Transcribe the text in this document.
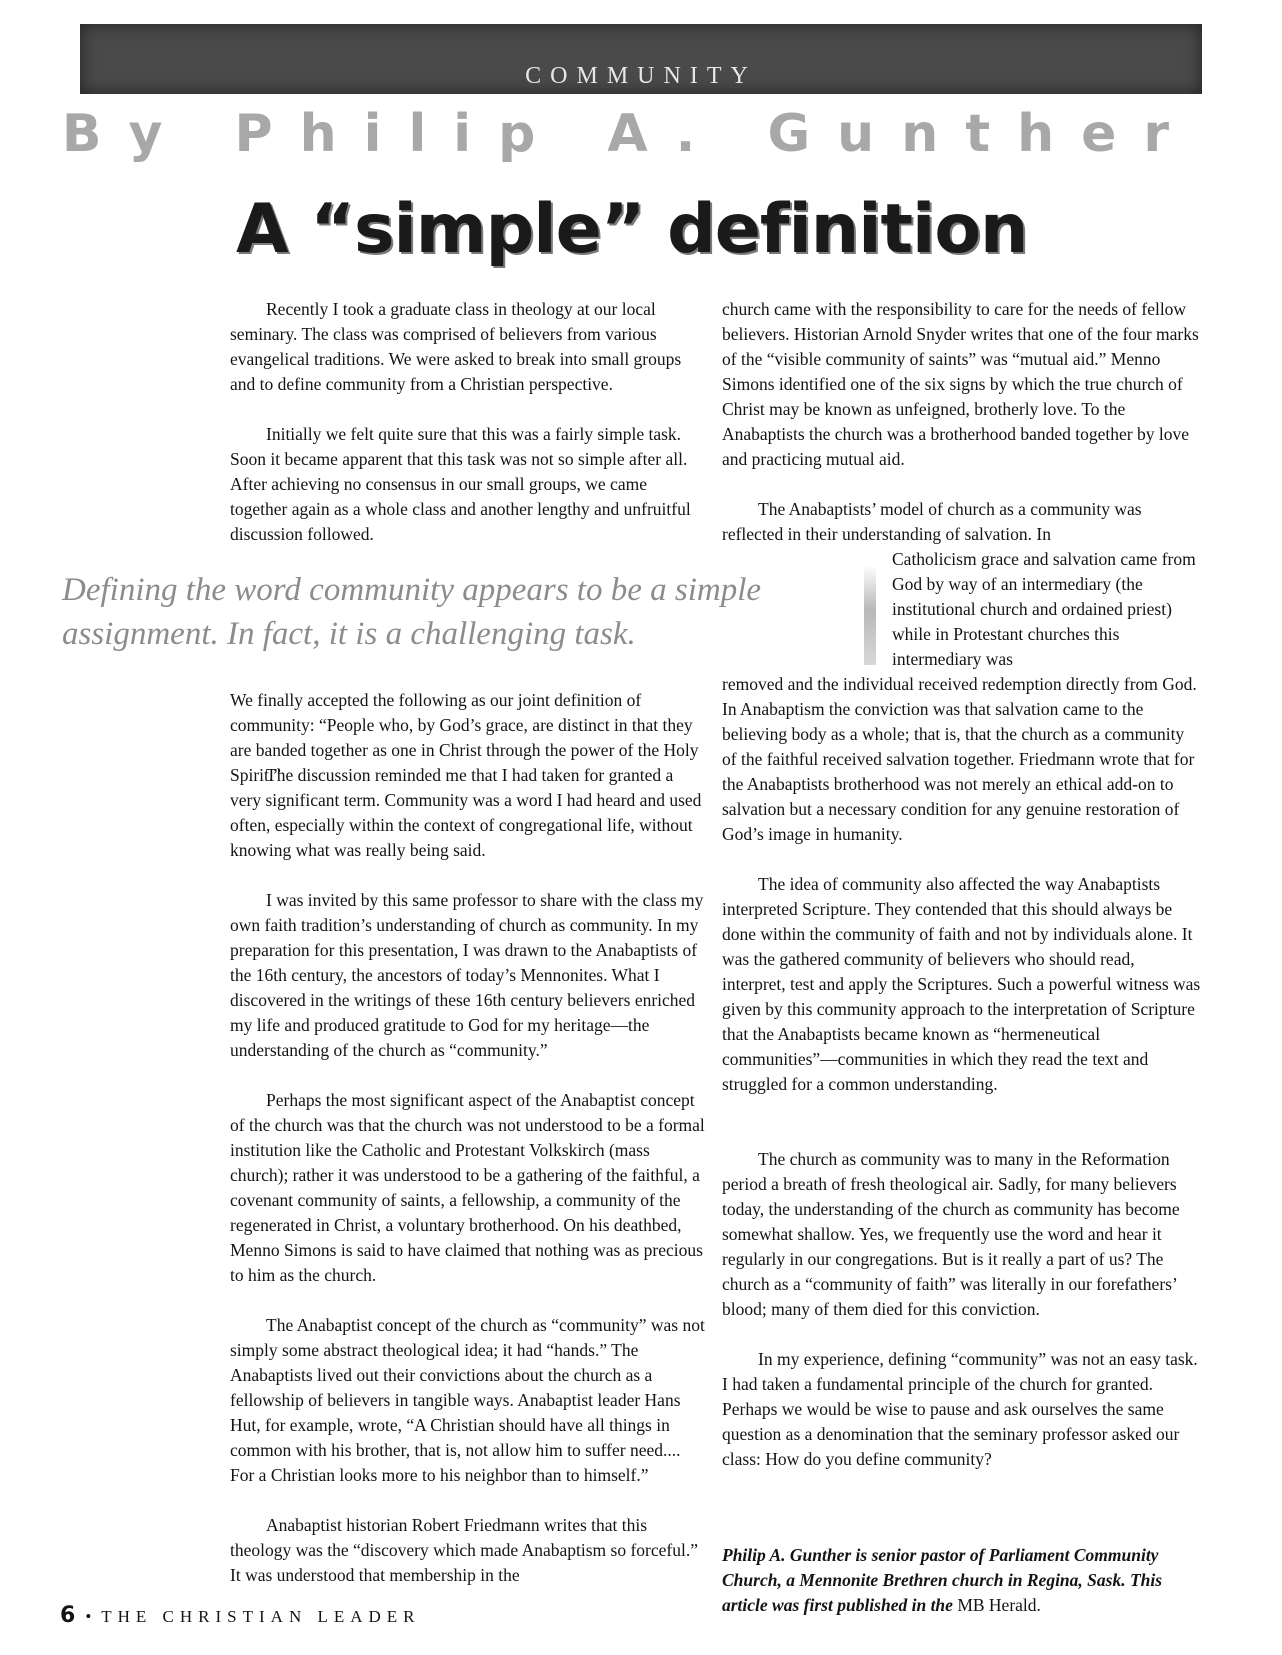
COMMUNITY
By Philip A. Gunther
A “simple” definition

Recently I took a graduate class in theology at our local seminary. The class was comprised of believers from various evangelical traditions. We were asked to break into small groups and to define community from a Christian perspective.

Initially we felt quite sure that this was a fairly simple task. Soon it became apparent that this task was not so simple after all. After achieving no consensus in our small groups, we came together again as a whole class and another lengthy and unfruitful discussion followed.

Defining the word community appears to be a simple assignment. In fact, it is a challenging task.

We finally accepted the following as our joint definition of community: “People who, by God’s grace, are distinct in that they are banded together as one in Christ through the power of the Holy Spirit.”

The discussion reminded me that I had taken for granted a very significant term. Community was a word I had heard and used often, especially within the context of congregational life, without knowing what was really being said.

I was invited by this same professor to share with the class my own faith tradition’s understanding of church as community. In my preparation for this presentation, I was drawn to the Anabaptists of the 16th century, the ancestors of today’s Mennonites. What I discovered in the writings of these 16th century believers enriched my life and produced gratitude to God for my heritage—the understanding of the church as “community.”

Perhaps the most significant aspect of the Anabaptist concept of the church was that the church was not understood to be a formal institution like the Catholic and Protestant Volkskirch (mass church); rather it was understood to be a gathering of the faithful, a covenant community of saints, a fellowship, a community of the regenerated in Christ, a voluntary brotherhood. On his deathbed, Menno Simons is said to have claimed that nothing was as precious to him as the church.

The Anabaptist concept of the church as “community” was not simply some abstract theological idea; it had “hands.” The Anabaptists lived out their convictions about the church as a fellowship of believers in tangible ways. Anabaptist leader Hans Hut, for example, wrote, “A Christian should have all things in common with his brother, that is, not allow him to suffer need.... For a Christian looks more to his neighbor than to himself.”

Anabaptist historian Robert Friedmann writes that this theology was the “discovery which made Anabaptism so forceful.” It was understood that membership in the

church came with the responsibility to care for the needs of fellow believers. Historian Arnold Snyder writes that one of the four marks of the “visible community of saints” was “mutual aid.” Menno Simons identified one of the six signs by which the true church of Christ may be known as unfeigned, brotherly love. To the Anabaptists the church was a brotherhood banded together by love and practicing mutual aid.

The Anabaptists’ model of church as a community was reflected in their understanding of salvation. In

Catholicism grace and salvation came from God by way of an intermediary (the institutional church and ordained priest) while in Protestant churches this intermediary was

removed and the individual received redemption directly from God. In Anabaptism the conviction was that salvation came to the believing body as a whole; that is, that the church as a community of the faithful received salvation together. Friedmann wrote that for the Anabaptists brotherhood was not merely an ethical add-on to salvation but a necessary condition for any genuine restoration of God’s image in humanity.

The idea of community also affected the way Anabaptists interpreted Scripture. They contended that this should always be done within the community of faith and not by individuals alone. It was the gathered community of believers who should read, interpret, test and apply the Scriptures. Such a powerful witness was given by this community approach to the interpretation of Scripture that the Anabaptists became known as “hermeneutical communities”—communities in which they read the text and struggled for a common understanding.

The church as community was to many in the Reformation period a breath of fresh theological air. Sadly, for many believers today, the understanding of the church as community has become somewhat shallow. Yes, we frequently use the word and hear it regularly in our congregations. But is it really a part of us? The church as a “community of faith” was literally in our forefathers’ blood; many of them died for this conviction.

In my experience, defining “community” was not an easy task. I had taken a fundamental principle of the church for granted. Perhaps we would be wise to pause and ask ourselves the same question as a denomination that the seminary professor asked our class: How do you define community?

Philip A. Gunther is senior pastor of Parliament Community Church, a Mennonite Brethren church in Regina, Sask. This article was first published in the MB Herald.

6 • THE CHRISTIAN LEADER
